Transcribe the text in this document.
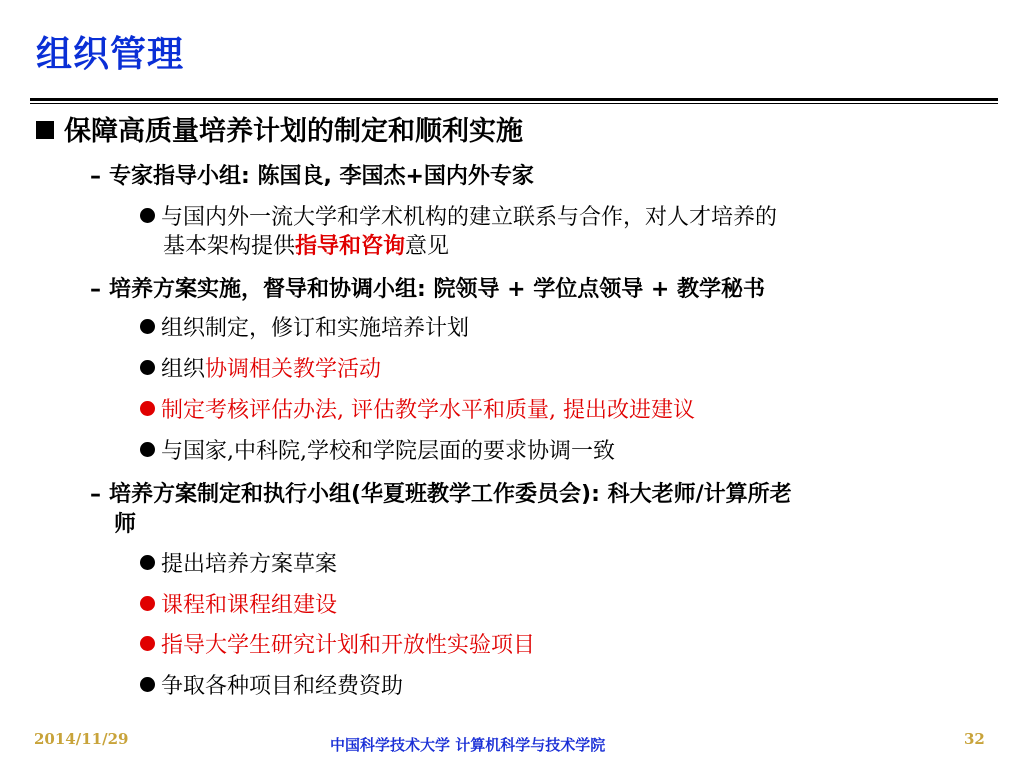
组织管理
保障高质量培养计划的制定和顺利实施
– 专家指导小组: 陈国良, 李国杰+国内外专家
与国内外一流大学和学术机构的建立联系与合作，对人才培养的
基本架构提供指导和咨询意见
– 培养方案实施，督导和协调小组: 院领导 + 学位点领导 + 教学秘书
组织制定，修订和实施培养计划
组织协调相关教学活动
制定考核评估办法, 评估教学水平和质量, 提出改进建议
与国家,中科院,学校和学院层面的要求协调一致
– 培养方案制定和执行小组(华夏班教学工作委员会): 科大老师/计算所老
师
提出培养方案草案
课程和课程组建设
指导大学生研究计划和开放性实验项目
争取各种项目和经费资助
2014/11/29	中国科学技术大学 计算机科学与技术学院	32
